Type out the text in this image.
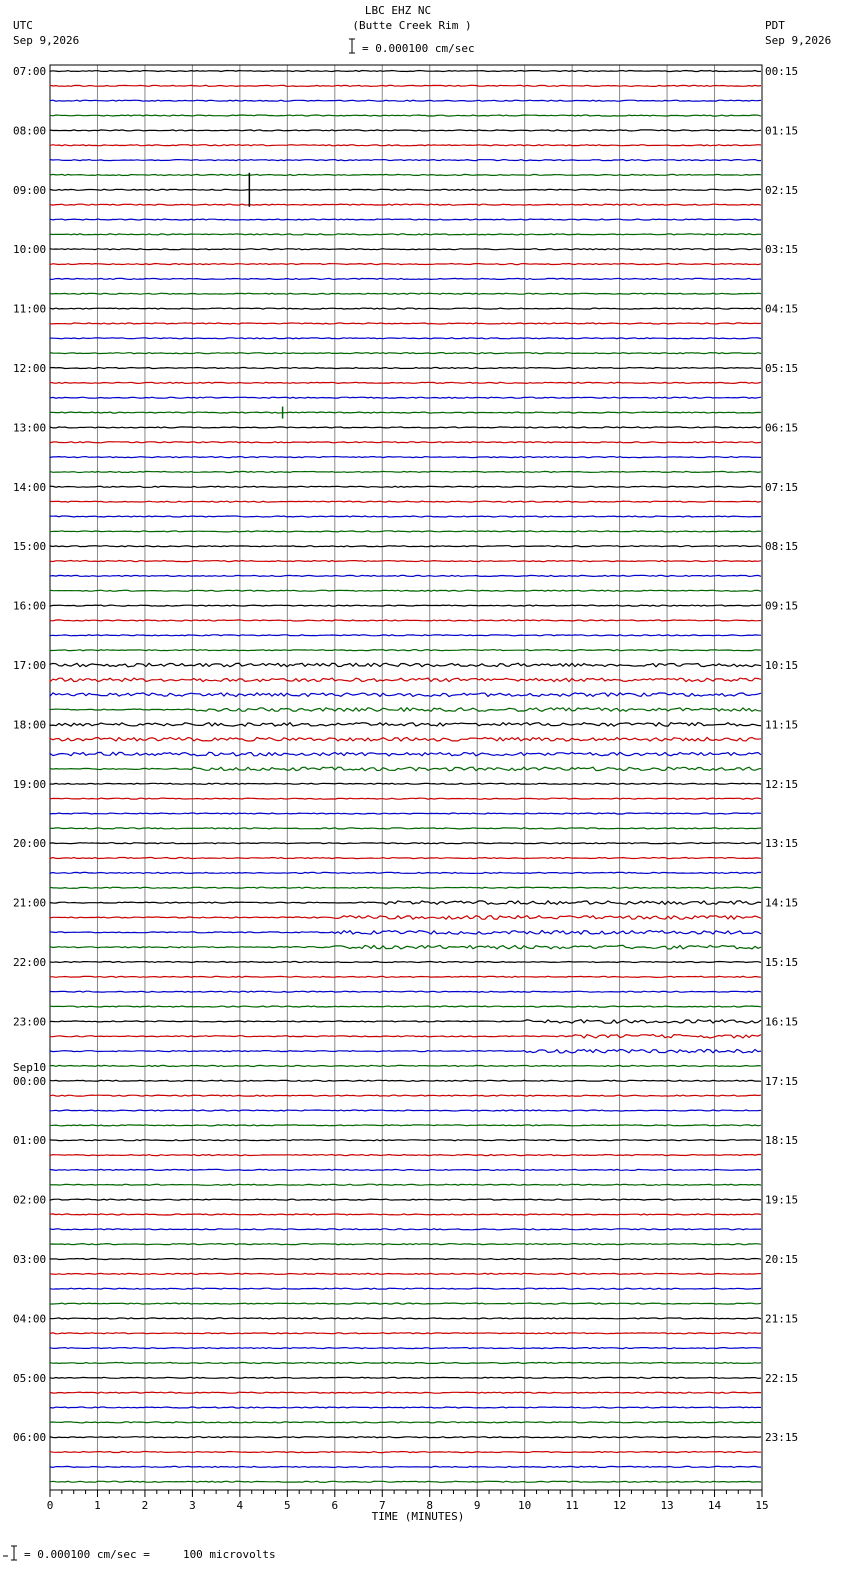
UTC
Sep 9,2026
PDT
Sep 9,2026
LBC EHZ NC
(Butte Creek Rim )
= 0.000100 cm/sec
= 0.000100 cm/sec =     100 microvolts
07:00	00:15
08:00	01:15
09:00	02:15
10:00	03:15
11:00	04:15
12:00	05:15
13:00	06:15
14:00	07:15
15:00	08:15
16:00	09:15
17:00	10:15
18:00	11:15
19:00	12:15
20:00	13:15
21:00	14:15
22:00	15:15
23:00	16:15
00:00	17:15
01:00	18:15
02:00	19:15
03:00	20:15
04:00	21:15
05:00	22:15
06:00	23:15
Sep10
0	1	2	3	4	5	6	7	8	9	10	11	12	13	14	15
TIME (MINUTES)
